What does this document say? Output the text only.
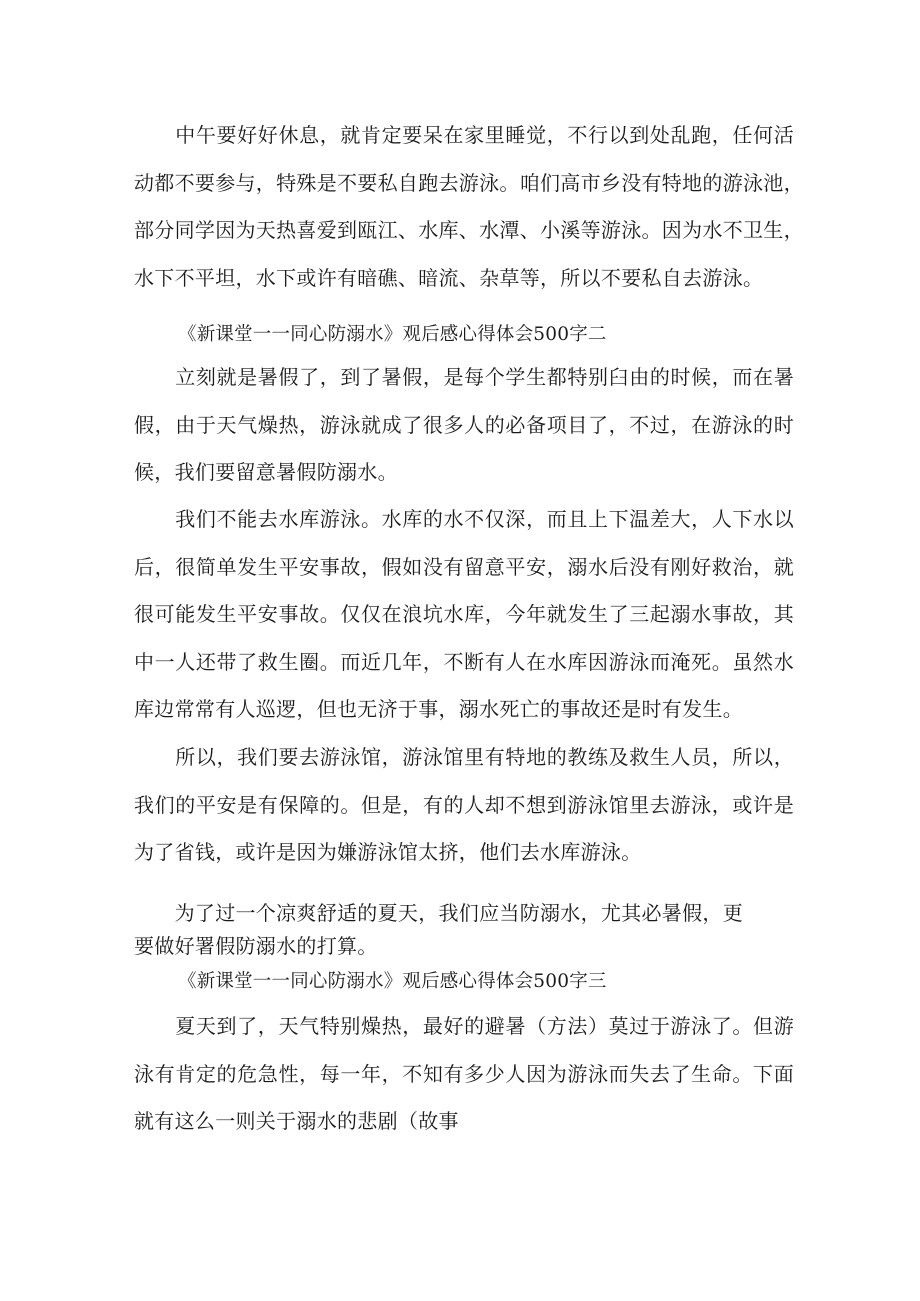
　　中午要好好休息，就肯定要呆在家里睡觉，不行以到处乱跑，任何活
动都不要参与，特殊是不要私自跑去游泳。咱们高市乡没有特地的游泳池，
部分同学因为天热喜爱到瓯江、水库、水潭、小溪等游泳。因为水不卫生，
水下不平坦，水下或许有暗礁、暗流、杂草等，所以不要私自去游泳。
《新课堂一一同心防溺水》观后感心得体会500字二
　　立刻就是暑假了，到了暑假，是每个学生都特别臼由的时候，而在暑
假，由于天气燥热，游泳就成了很多人的必备项目了，不过，在游泳的时
候，我们要留意暑假防溺水。
　　我们不能去水库游泳。水库的水不仅深，而且上下温差大，人下水以
后，很简单发生平安事故，假如没有留意平安，溺水后没有刚好救治，就
很可能发生平安事故。仅仅在浪坑水库，今年就发生了三起溺水事故，其
中一人还带了救生圈。而近几年，不断有人在水库因游泳而淹死。虽然水
库边常常有人巡逻，但也无济于事，溺水死亡的事故还是时有发生。
　　所以，我们要去游泳馆，游泳馆里有特地的教练及救生人员，所以，
我们的平安是有保障的。但是，有的人却不想到游泳馆里去游泳，或许是
为了省钱，或许是因为嫌游泳馆太挤，他们去水库游泳。
　　为了过一个凉爽舒适的夏天，我们应当防溺水，尤其必暑假，更
要做好署假防溺水的打算。
《新课堂一一同心防溺水》观后感心得体会500字三
　　夏天到了，天气特别燥热，最好的避暑（方法）莫过于游泳了。但游
泳有肯定的危急性，每一年，不知有多少人因为游泳而失去了生命。下面
就有这么一则关于溺水的悲剧（故事
